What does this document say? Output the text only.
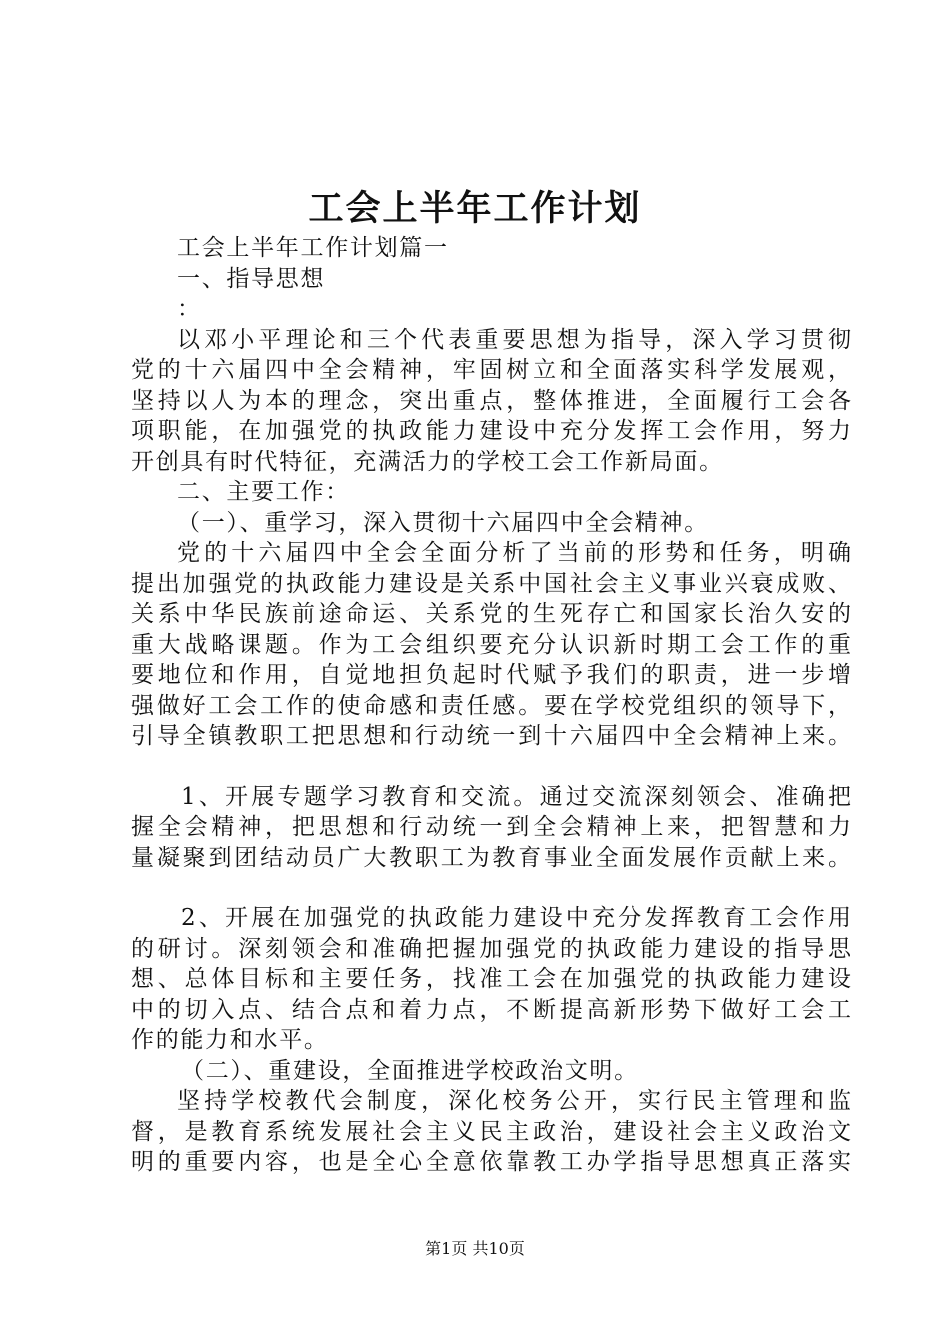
工会上半年工作计划
工会上半年工作计划篇一
一、指导思想
：
以邓小平理论和三个代表重要思想为指导，深入学习贯彻
党的十六届四中全会精神，牢固树立和全面落实科学发展观，
坚持以人为本的理念，突出重点，整体推进，全面履行工会各
项职能，在加强党的执政能力建设中充分发挥工会作用，努力
开创具有时代特征，充满活力的学校工会工作新局面。
二、主要工作：
（一）、重学习，深入贯彻十六届四中全会精神。
党的十六届四中全会全面分析了当前的形势和任务，明确
提出加强党的执政能力建设是关系中国社会主义事业兴衰成败、
关系中华民族前途命运、关系党的生死存亡和国家长治久安的
重大战略课题。作为工会组织要充分认识新时期工会工作的重
要地位和作用，自觉地担负起时代赋予我们的职责，进一步增
强做好工会工作的使命感和责任感。要在学校党组织的领导下，
引导全镇教职工把思想和行动统一到十六届四中全会精神上来。
1、开展专题学习教育和交流。通过交流深刻领会、准确把
握全会精神，把思想和行动统一到全会精神上来，把智慧和力
量凝聚到团结动员广大教职工为教育事业全面发展作贡献上来。
2、开展在加强党的执政能力建设中充分发挥教育工会作用
的研讨。深刻领会和准确把握加强党的执政能力建设的指导思
想、总体目标和主要任务，找准工会在加强党的执政能力建设
中的切入点、结合点和着力点，不断提高新形势下做好工会工
作的能力和水平。
（二）、重建设，全面推进学校政治文明。
坚持学校教代会制度，深化校务公开，实行民主管理和监
督，是教育系统发展社会主义民主政治，建设社会主义政治文
明的重要内容，也是全心全意依靠教工办学指导思想真正落实
第1页 共10页
